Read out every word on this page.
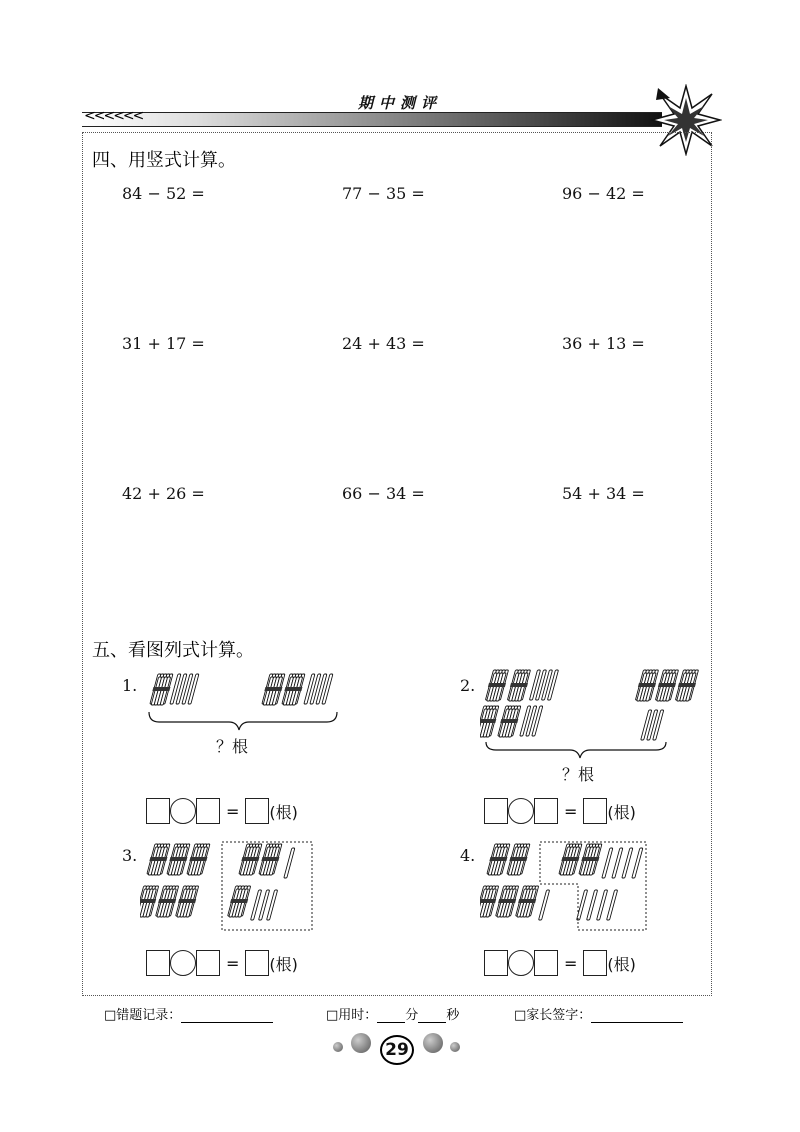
期中测评
<<<<<<
四、用竖式计算。
84 − 52 =	77 − 35 =	96 − 42 =
31 + 17 =	24 + 43 =	36 + 13 =
42 + 26 =	66 − 34 =	54 + 34 =
五、看图列式计算。
1.
？根
= (根)
2.
？根
= (根)
3.
= (根)
4.
= (根)
□错题记录：	□用时： 分 秒	□家长签字：
29
